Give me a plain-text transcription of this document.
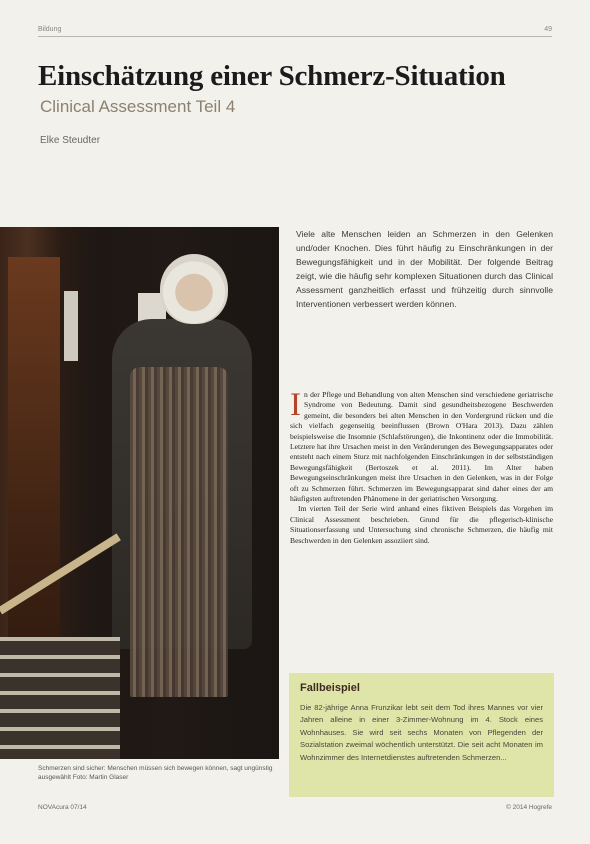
Bildung	49
Einschätzung einer Schmerz-Situation
Clinical Assessment Teil 4
Elke Steudter
Schmerzen sind sicher: Menschen müssen sich bewegen können, sagt ungünstig ausgewählt Foto: Martin Glaser

Viele alte Menschen leiden an Schmerzen in den Gelenken und/oder Knochen. Dies führt häufig zu Einschränkungen in der Bewegungsfähigkeit und in der Mobilität. Der folgende Beitrag zeigt, wie die häufig sehr komplexen Situationen durch das Clinical Assessment ganzheitlich erfasst und frühzeitig durch sinnvolle Interventionen verbessert werden können.

In der Pflege und Behandlung von alten Menschen sind verschiedene geriatrische Syndrome von Bedeutung. Damit sind gesundheitsbezogene Beschwerden gemeint, die besonders bei alten Menschen in den Vordergrund rücken und die sich vielfach gegenseitig beeinflussen (Brown O'Hara 2013). Dazu zählen beispielsweise die Insomnie (Schlafstörungen), die Inkontinenz oder die Immobilität. Letztere hat ihre Ursachen meist in den Veränderungen des Bewegungsapparates oder entsteht nach einem Sturz mit nachfolgenden Einschränkungen in der selbstständigen Bewegungsfähigkeit (Bertoszek et al. 2011). Im Alter haben Bewegungseinschränkungen meist ihre Ursachen in den Gelenken, was in der Folge oft zu Schmerzen führt. Schmerzen im Bewegungsapparat sind daher eines der am häufigsten auftretenden Phänomene in der geriatrischen Versorgung.

Im vierten Teil der Serie wird anhand eines fiktiven Beispiels das Vorgehen im Clinical Assessment beschrieben. Grund für die pflegerisch-klinische Situationserfassung und Untersuchung sind chronische Schmerzen, die häufig mit Beschwerden in den Gelenken assoziiert sind.

Fallbeispiel
Die 82-jährige Anna Frunzikar lebt seit dem Tod ihres Mannes vor vier Jahren alleine in einer 3-Zimmer-Wohnung im 4. Stock eines Wohnhauses. Sie wird seit sechs Monaten von Pflegenden der Sozialstation zweimal wöchentlich unterstützt. Die seit acht Monaten im Wohnzimmer des Internetdienstes auftretenden Schmerzen...
NOVAcura 07/14	© 2014 Hogrefe
